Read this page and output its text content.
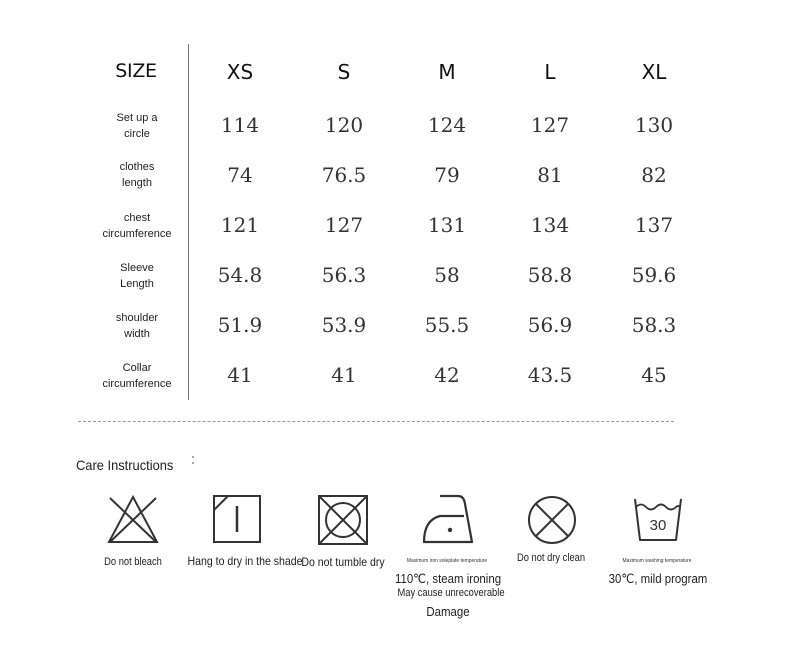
SIZE	XS	S	M	L	XL
Set up a
circle	114	120	124	127	130
clothes
length	74	76.5	79	81	82
chest
circumference 121	127	131	134	137
Sleeve
Length	54.8	56.3	58	58.8	59.6
shoulder
width	51.9	53.9	55.5	56.9	58.3
Collar
circumference	41	41	42	43.5	45
Care Instructions
Do not bleach Hang to dry in the shade
Do not tumble dry	Maximum iron soleplate temperature
110℃, steam ironing
May cause unrecoverable
Damage
Do not dry clean
30
Maximum washing temperature
30℃, mild program
